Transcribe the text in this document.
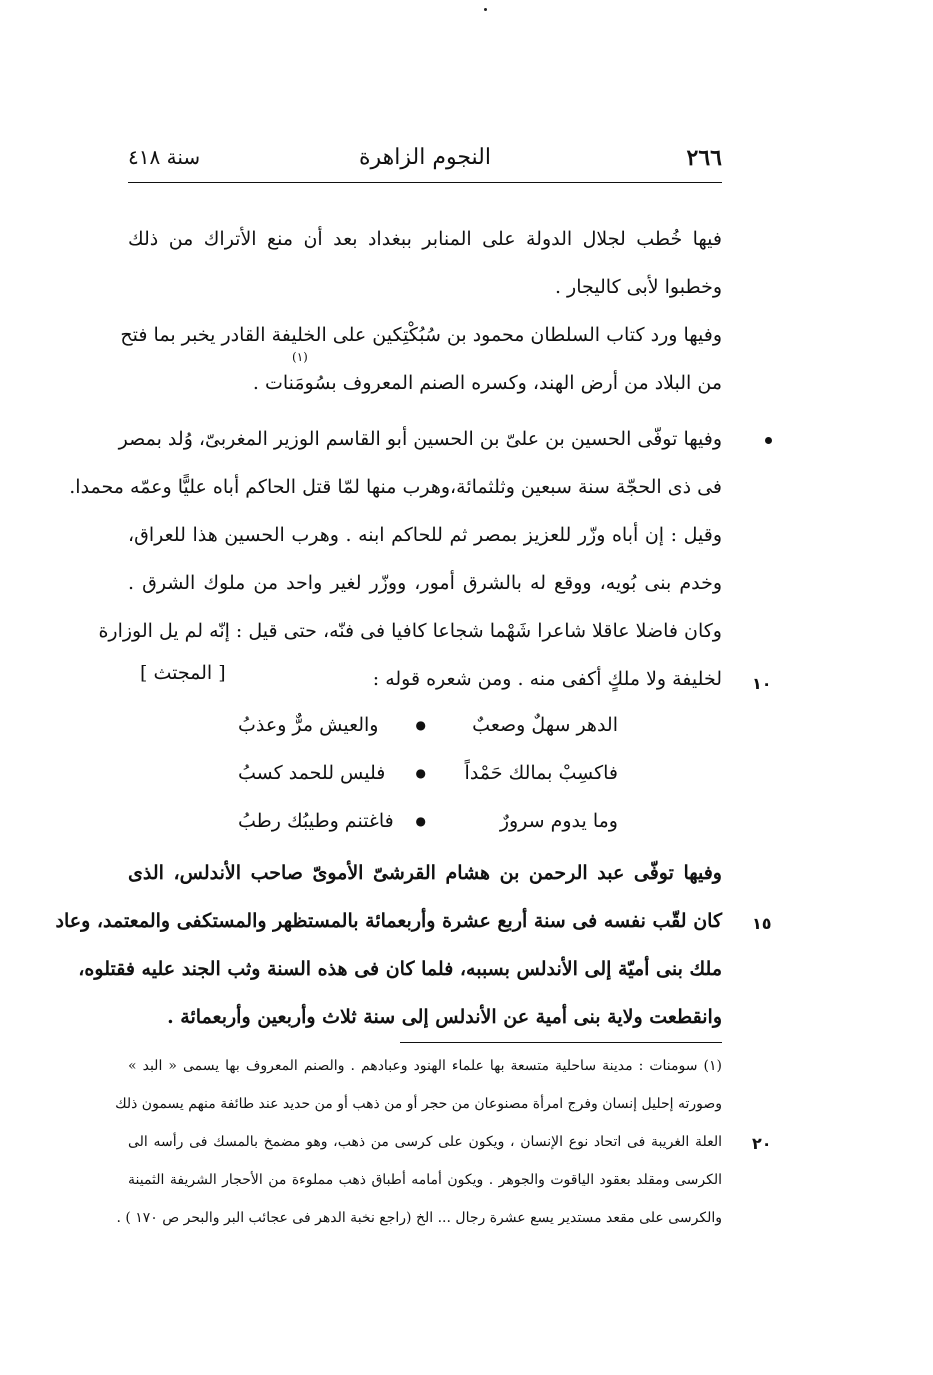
٢٦٦
النجوم الزاهرة
سنة ٤١٨
فيها خُطب لجلال الدولة على المنابر ببغداد بعد أن منع الأتراك من ذلك
وخطبوا لأبى كاليجار .
وفيها ورد كتاب السلطان محمود بن سُبُكْتِكين على الخليفة القادر يخبر بما فتح
من البلاد من أرض الهند، وكسره الصنم المعروف بسُومَنات .
(١)
وفيها توفّى الحسين بن علىّ بن الحسين أبو القاسم الوزير المغربىّ، وُلد بمصر
فى ذى الحجّة سنة سبعين وثلثمائة،وهرب منها لمّا قتل الحاكم أباه عليًّا وعمّه محمدا.
وقيل : إن أباه وزّر للعزيز بمصر ثم للحاكم ابنه . وهرب الحسين هذا للعراق،
وخدم بنى بُويه، ووقع له بالشرق أمور، ووزّر لغير واحد من ملوك الشرق .
وكان فاضلا عاقلا شاعرا شَهْما شجاعا كافيا فى فنّه، حتى قيل : إنّه لم يل الوزارة
١٠
لخليفة ولا ملكٍ أكفى منه . ومن شعره قوله :
[ المجتث ]
الدهر سهلٌ وصعبٌ
●
والعيش مرٌّ وعذبُ
فاكسِبْ بمالك حَمْداً
●
فليس للحمد كسبُ
وما يدوم سرورٌ
●
فاغتنم وطيبُك رطبُ
وفيها توفّى عبد الرحمن بن هشام القرشىّ الأموىّ صاحب الأندلس، الذى
١٥
كان لقّب نفسه فى سنة أربع عشرة وأربعمائة بالمستظهر والمستكفى والمعتمد، وعاد
ملك بنى أميّة إلى الأندلس بسببه، فلما كان فى هذه السنة وثب الجند عليه فقتلوه،
وانقطعت ولاية بنى أمية عن الأندلس إلى سنة ثلاث وأربعين وأربعمائة .
(١) سومنات : مدينة ساحلية متسعة بها علماء الهنود وعبادهم . والصنم المعروف بها يسمى « البد »
وصورته إحليل إنسان وفرج امرأة مصنوعان من حجر أو من ذهب أو من حديد عند طائفة منهم يسمون ذلك
٢٠
العلة الغريبة فى اتحاد نوع الإنسان ، ويكون على كرسى من ذهب، وهو مضمخ بالمسك فى رأسه الى
الكرسى ومقلد بعقود الياقوت والجوهر . ويكون أمامه أطباق ذهب مملوءة من الأحجار الشريفة الثمينة
والكرسى على مقعد مستدير يسع عشرة رجال ... الخ (راجع نخبة الدهر فى عجائب البر والبحر ص ١٧٠ ) .
